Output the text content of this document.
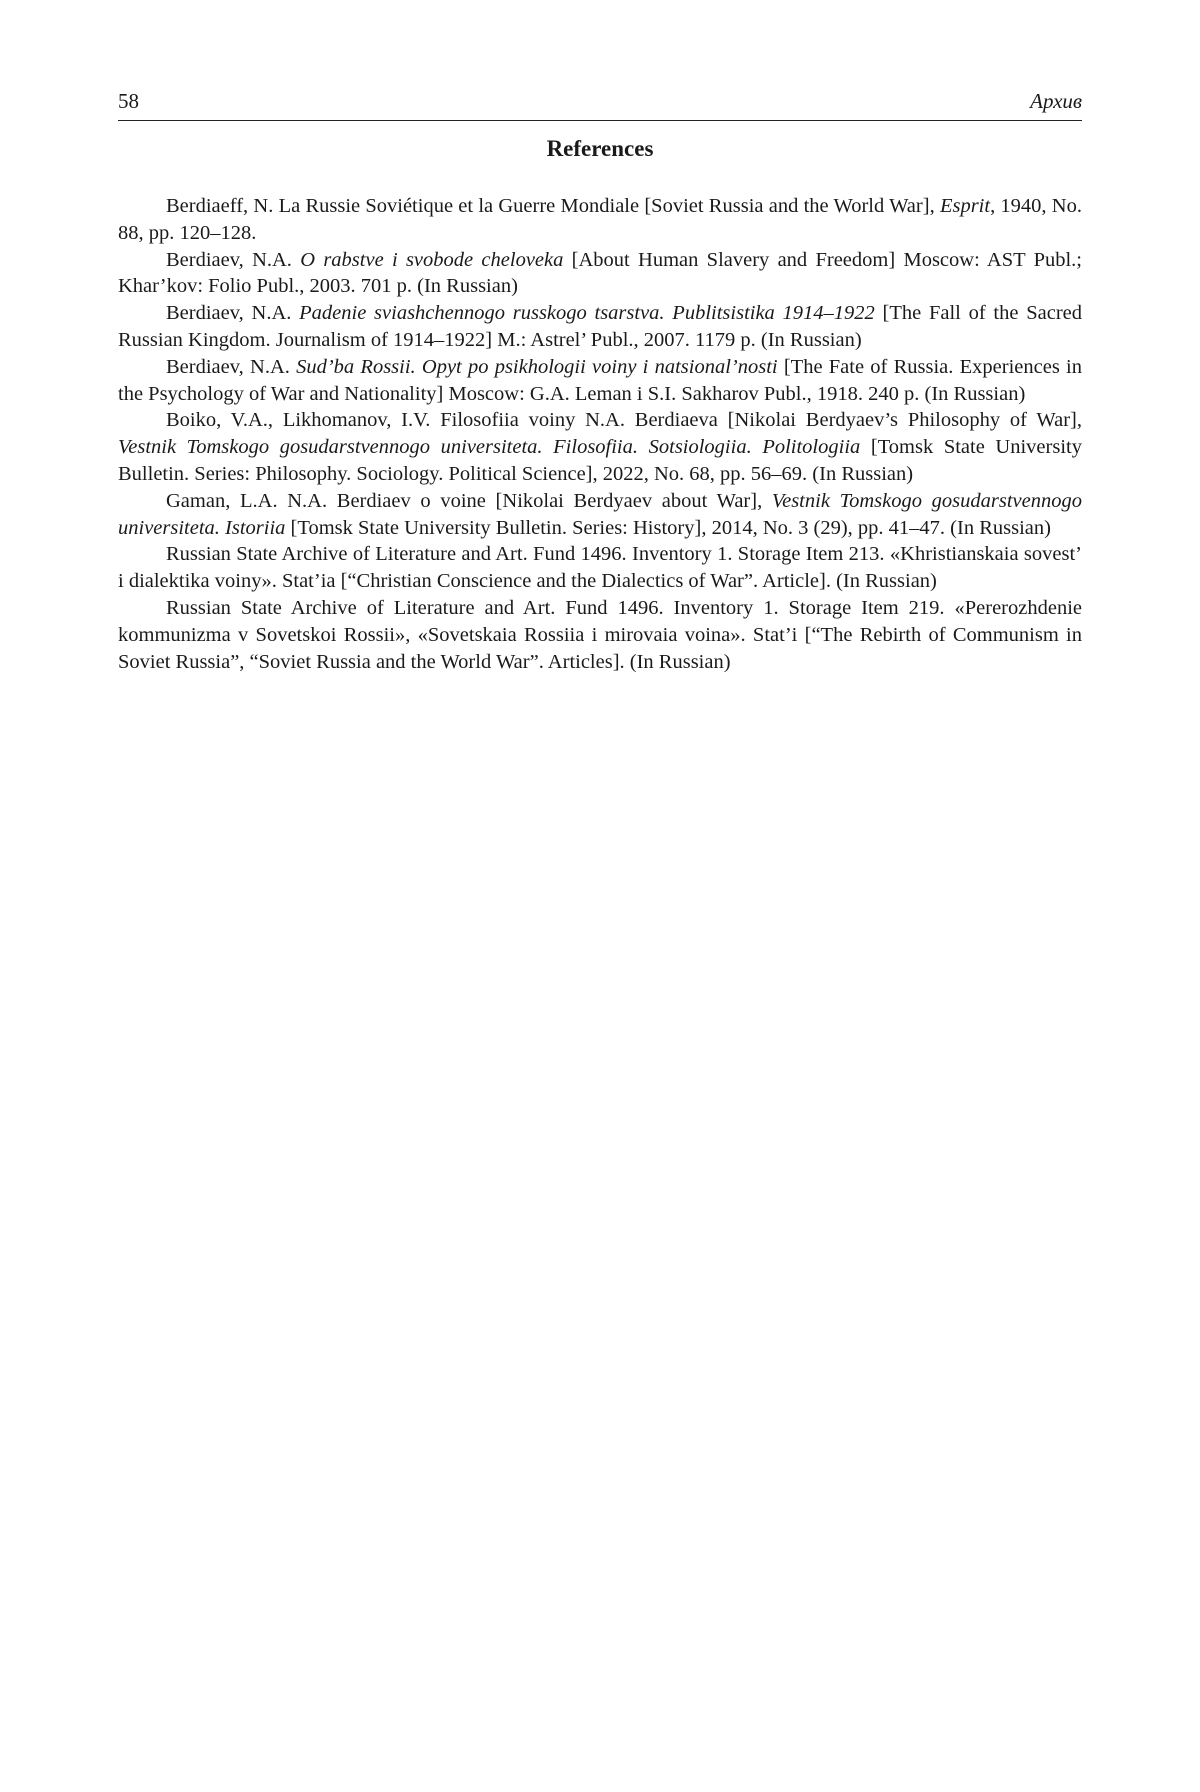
58	Архив
References

Berdiaeff, N. La Russie Soviétique et la Guerre Mondiale [Soviet Russia and the World War], Esprit, 1940, No. 88, pp. 120–128.

Berdiaev, N.A. O rabstve i svobode cheloveka [About Human Slavery and Freedom] Moscow: AST Publ.; Khar’kov: Folio Publ., 2003. 701 p. (In Russian)

Berdiaev, N.A. Padenie sviashchennogo russkogo tsarstva. Publitsistika 1914–1922 [The Fall of the Sacred Russian Kingdom. Journalism of 1914–1922] M.: Astrel’ Publ., 2007. 1179 p. (In Russian)

Berdiaev, N.A. Sud’ba Rossii. Opyt po psikhologii voiny i natsional’nosti [The Fate of Russia. Experiences in the Psychology of War and Nationality] Moscow: G.A. Leman i S.I. Sakharov Publ., 1918. 240 p. (In Russian)

Boiko, V.A., Likhomanov, I.V. Filosofiia voiny N.A. Berdiaeva [Nikolai Berdyaev’s Philosophy of War], Vestnik Tomskogo gosudarstvennogo universiteta. Filosofiia. Sotsiologiia. Politologiia [Tomsk State University Bulletin. Series: Philosophy. Sociology. Political Science], 2022, No. 68, pp. 56–69. (In Russian)

Gaman, L.A. N.A. Berdiaev o voine [Nikolai Berdyaev about War], Vestnik Tomskogo gosudarstvennogo universiteta. Istoriia [Tomsk State University Bulletin. Series: History], 2014, No. 3 (29), pp. 41–47. (In Russian)

Russian State Archive of Literature and Art. Fund 1496. Inventory 1. Storage Item 213. «Khristianskaia sovest’ i dialektika voiny». Stat’ia [“Christian Conscience and the Dialectics of War”. Article]. (In Russian)

Russian State Archive of Literature and Art. Fund 1496. Inventory 1. Storage Item 219. «Pererozhdenie kommunizma v Sovetskoi Rossii», «Sovetskaia Rossiia i mirovaia voina». Stat’i [“The Rebirth of Communism in Soviet Russia”, “Soviet Russia and the World War”. Articles]. (In Russian)
